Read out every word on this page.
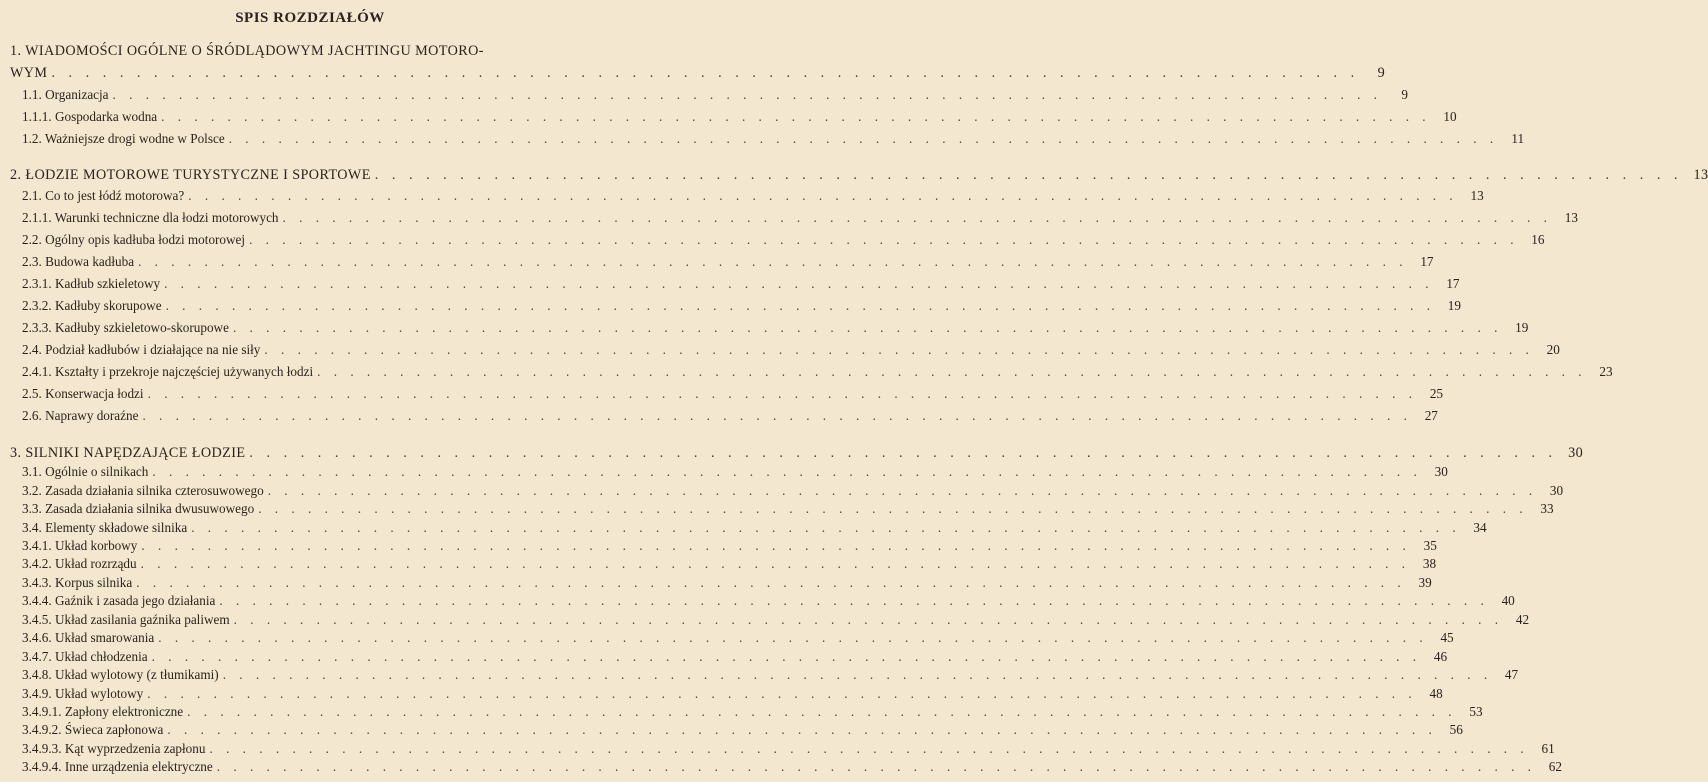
SPIS ROZDZIAŁÓW
1. WIADOMOŚCI OGÓLNE O ŚRÓDLĄDOWYM JACHTINGU MOTORO-
WYM . . . . . . . . . . . . . . . . . . . . . . . . . . . . . . . . . . . . . . . . . . . . . . . . . . . . . . . . . . . . . . . . . . . . . . . . . . . . .	9
1.1. Organizacja . . . . . . . . . . . . . . . . . . . . . . . . . . . . . . . . . . . . . . . . . . . . . . . . . . . . . . . . . . . . . . . . . . . . . . . . . . . . .	9
1.1.1. Gospodarka wodna . . . . . . . . . . . . . . . . . . . . . . . . . . . . . . . . . . . . . . . . . . . . . . . . . . . . . . . . . . . . . . . . . . . . . . . . . . . . . 10
1.2. Ważniejsze drogi wodne w Polsce . . . . . . . . . . . . . . . . . . . . . . . . . . . . . . . . . . . . . . . . . . . . . . . . . . . . . . . . . . . . . . . . . . . . . . . . . . . . .	11
2. ŁODZIE MOTOROWE TURYSTYCZNE I SPORTOWE . . . . . . . . . . . . . . . . . . . . . . . . . . . . . . . . . . . . . . . . . . . . . . . . . . . . . . . . . . . . . . . . . . . . . . . . . . . . . 13
2.1. Co to jest łódź motorowa? . . . . . . . . . . . . . . . . . . . . . . . . . . . . . . . . . . . . . . . . . . . . . . . . . . . . . . . . . . . . . . . . . . . . . . . . . . . . . 13
2.1.1. Warunki techniczne dla łodzi motorowych . . . . . . . . . . . . . . . . . . . . . . . . . . . . . . . . . . . . . . . . . . . . . . . . . . . . . . . . . . . . . . . . . . . . . . . . . . . . . 13
2.2. Ogólny opis kadłuba łodzi motorowej . . . . . . . . . . . . . . . . . . . . . . . . . . . . . . . . . . . . . . . . . . . . . . . . . . . . . . . . . . . . . . . . . . . . . . . . . . . . . 16
2.3. Budowa kadłuba . . . . . . . . . . . . . . . . . . . . . . . . . . . . . . . . . . . . . . . . . . . . . . . . . . . . . . . . . . . . . . . . . . . . . . . . . . . . . 17
2.3.1. Kadłub szkieletowy . . . . . . . . . . . . . . . . . . . . . . . . . . . . . . . . . . . . . . . . . . . . . . . . . . . . . . . . . . . . . . . . . . . . . . . . . . . . . 17
2.3.2. Kadłuby skorupowe . . . . . . . . . . . . . . . . . . . . . . . . . . . . . . . . . . . . . . . . . . . . . . . . . . . . . . . . . . . . . . . . . . . . . . . . . . . . . 19
2.3.3. Kadłuby szkieletowo-skorupowe . . . . . . . . . . . . . . . . . . . . . . . . . . . . . . . . . . . . . . . . . . . . . . . . . . . . . . . . . . . . . . . . . . . . . . . . . . . . . 19
2.4. Podział kadłubów i działające na nie siły . . . . . . . . . . . . . . . . . . . . . . . . . . . . . . . . . . . . . . . . . . . . . . . . . . . . . . . . . . . . . . . . . . . . . . . . . . . . . 20
2.4.1. Kształty i przekroje najczęściej używanych łodzi . . . . . . . . . . . . . . . . . . . . . . . . . . . . . . . . . . . . . . . . . . . . . . . . . . . . . . . . . . . . . . . . . . . . . . . . . . . . . 23
2.5. Konserwacja łodzi . . . . . . . . . . . . . . . . . . . . . . . . . . . . . . . . . . . . . . . . . . . . . . . . . . . . . . . . . . . . . . . . . . . . . . . . . . . . . 25
2.6. Naprawy doraźne . . . . . . . . . . . . . . . . . . . . . . . . . . . . . . . . . . . . . . . . . . . . . . . . . . . . . . . . . . . . . . . . . . . . . . . . . . . . . 27
3. SILNIKI NAPĘDZAJĄCE ŁODZIE . . . . . . . . . . . . . . . . . . . . . . . . . . . . . . . . . . . . . . . . . . . . . . . . . . . . . . . . . . . . . . . . . . . . . . . . . . . . . 30
3.1. Ogólnie o silnikach . . . . . . . . . . . . . . . . . . . . . . . . . . . . . . . . . . . . . . . . . . . . . . . . . . . . . . . . . . . . . . . . . . . . . . . . . . . . . 30
3.2. Zasada działania silnika czterosuwowego . . . . . . . . . . . . . . . . . . . . . . . . . . . . . . . . . . . . . . . . . . . . . . . . . . . . . . . . . . . . . . . . . . . . . . . . . . . . . 30
3.3. Zasada działania silnika dwusuwowego . . . . . . . . . . . . . . . . . . . . . . . . . . . . . . . . . . . . . . . . . . . . . . . . . . . . . . . . . . . . . . . . . . . . . . . . . . . . . 33
3.4. Elementy składowe silnika . . . . . . . . . . . . . . . . . . . . . . . . . . . . . . . . . . . . . . . . . . . . . . . . . . . . . . . . . . . . . . . . . . . . . . . . . . . . . 34
3.4.1. Układ korbowy . . . . . . . . . . . . . . . . . . . . . . . . . . . . . . . . . . . . . . . . . . . . . . . . . . . . . . . . . . . . . . . . . . . . . . . . . . . . . 35
3.4.2. Układ rozrządu . . . . . . . . . . . . . . . . . . . . . . . . . . . . . . . . . . . . . . . . . . . . . . . . . . . . . . . . . . . . . . . . . . . . . . . . . . . . . 38
3.4.3. Korpus silnika . . . . . . . . . . . . . . . . . . . . . . . . . . . . . . . . . . . . . . . . . . . . . . . . . . . . . . . . . . . . . . . . . . . . . . . . . . . . . 39
3.4.4. Gaźnik i zasada jego działania . . . . . . . . . . . . . . . . . . . . . . . . . . . . . . . . . . . . . . . . . . . . . . . . . . . . . . . . . . . . . . . . . . . . . . . . . . . . . 40
3.4.5. Układ zasilania gaźnika paliwem . . . . . . . . . . . . . . . . . . . . . . . . . . . . . . . . . . . . . . . . . . . . . . . . . . . . . . . . . . . . . . . . . . . . . . . . . . . . . 42
3.4.6. Układ smarowania . . . . . . . . . . . . . . . . . . . . . . . . . . . . . . . . . . . . . . . . . . . . . . . . . . . . . . . . . . . . . . . . . . . . . . . . . . . . . 45
3.4.7. Układ chłodzenia . . . . . . . . . . . . . . . . . . . . . . . . . . . . . . . . . . . . . . . . . . . . . . . . . . . . . . . . . . . . . . . . . . . . . . . . . . . . . 46
3.4.8. Układ wylotowy (z tłumikami) . . . . . . . . . . . . . . . . . . . . . . . . . . . . . . . . . . . . . . . . . . . . . . . . . . . . . . . . . . . . . . . . . . . . . . . . . . . . . 47
3.4.9. Układ wylotowy . . . . . . . . . . . . . . . . . . . . . . . . . . . . . . . . . . . . . . . . . . . . . . . . . . . . . . . . . . . . . . . . . . . . . . . . . . . . . 48
3.4.9.1. Zapłony elektroniczne . . . . . . . . . . . . . . . . . . . . . . . . . . . . . . . . . . . . . . . . . . . . . . . . . . . . . . . . . . . . . . . . . . . . . . . . . . . . . 53
3.4.9.2. Świeca zapłonowa . . . . . . . . . . . . . . . . . . . . . . . . . . . . . . . . . . . . . . . . . . . . . . . . . . . . . . . . . . . . . . . . . . . . . . . . . . . . . 56
3.4.9.3. Kąt wyprzedzenia zapłonu . . . . . . . . . . . . . . . . . . . . . . . . . . . . . . . . . . . . . . . . . . . . . . . . . . . . . . . . . . . . . . . . . . . . . . . . . . . . . . . . 61
3.4.9.4. Inne urządzenia elektryczne . . . . . . . . . . . . . . . . . . . . . . . . . . . . . . . . . . . . . . . . . . . . . . . . . . . . . . . . . . . . . . . . . . . . . . . . . . . . . . . . 62
